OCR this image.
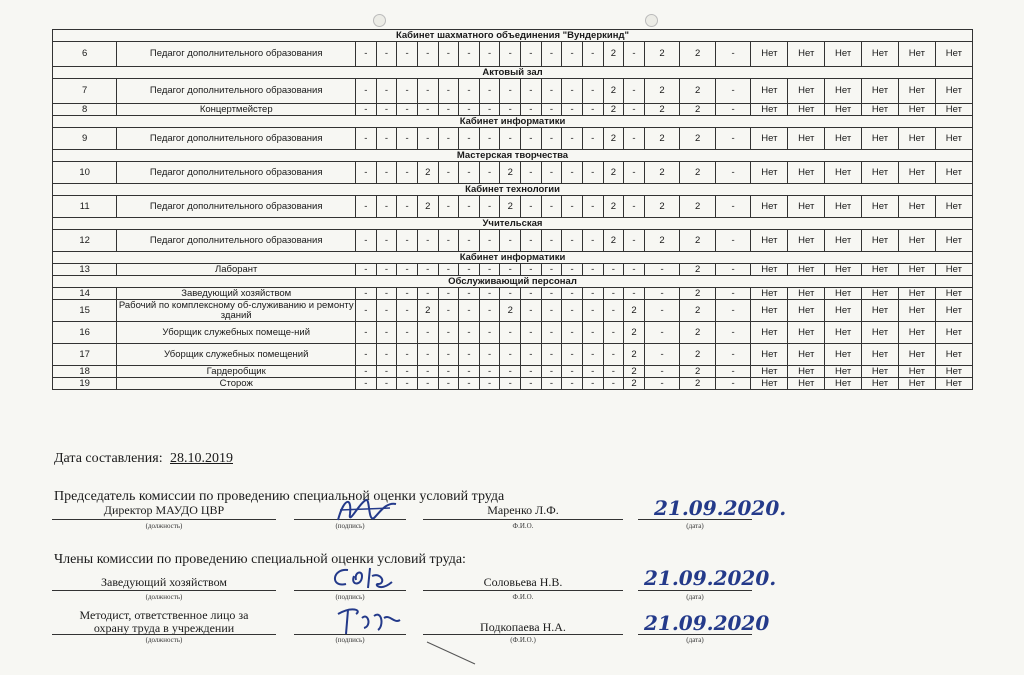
Кабинет шахматного объединения "Вундеркинд"																								
6	Педагог дополнительного образования	-	-	-	-	-	-	-	-	-	-	-	-	2	-	2	2	-	Нет	Нет	Нет	Нет	Нет	Нет
Актовый зал																								
7	Педагог дополнительного образования	-	-	-	-	-	-	-	-	-	-	-	-	2	-	2	2	-	Нет	Нет	Нет	Нет	Нет	Нет
8	Концертмейстер	-	-	-	-	-	-	-	-	-	-	-	-	2	-	2	2	-	Нет	Нет	Нет	Нет	Нет	Нет
Кабинет информатики																								
9	Педагог дополнительного образования	-	-	-	-	-	-	-	-	-	-	-	-	2	-	2	2	-	Нет	Нет	Нет	Нет	Нет	Нет
Мастерская творчества																								
10	Педагог дополнительного образования	-	-	-	2	-	-	-	2	-	-	-	-	2	-	2	2	-	Нет	Нет	Нет	Нет	Нет	Нет
Кабинет технологии																								
11	Педагог дополнительного образования	-	-	-	2	-	-	-	2	-	-	-	-	2	-	2	2	-	Нет	Нет	Нет	Нет	Нет	Нет
Учительская																								
12	Педагог дополнительного образования	-	-	-	-	-	-	-	-	-	-	-	-	2	-	2	2	-	Нет	Нет	Нет	Нет	Нет	Нет
Кабинет информатики																								
13	Лаборант	-	-	-	-	-	-	-	-	-	-	-	-	-	-	-	2	-	Нет	Нет	Нет	Нет	Нет	Нет
Обслуживающий персонал																								
14	Заведующий хозяйством	-	-	-	-	-	-	-	-	-	-	-	-	-	-	-	2	-	Нет	Нет	Нет	Нет	Нет	Нет
15	Рабочий по комплексному об-служиванию и ремонту зданий	-	-	-	2	-	-	-	2	-	-	-	-	-	2	-	2	-	Нет	Нет	Нет	Нет	Нет	Нет
16	Уборщик служебных помеще-ний	-	-	-	-	-	-	-	-	-	-	-	-	-	2	-	2	-	Нет	Нет	Нет	Нет	Нет	Нет
17	Уборщик служебных помещений	-	-	-	-	-	-	-	-	-	-	-	-	-	2	-	2	-	Нет	Нет	Нет	Нет	Нет	Нет
18	Гардеробщик	-	-	-	-	-	-	-	-	-	-	-	-	-	2	-	2	-	Нет	Нет	Нет	Нет	Нет	Нет
19	Сторож	-	-	-	-	-	-	-	-	-	-	-	-	-	2	-	2	-	Нет	Нет	Нет	Нет	Нет	Нет
Дата составления: 28.10.2019
Председатель комиссии по проведению специальной оценки условий труда
Директор МАУДО ЦВР
(должность)	(подпись)
Маренко Л.Ф.
Ф.И.О.	(дата)
21.09.2020.
Члены комиссии по проведению специальной оценки условий труда:
Заведующий хозяйством
(должность)	(подпись)
Соловьева Н.В.
Ф.И.О.	(дата)
21.09.2020.
Методист, ответственное лицо за
охрану труда в учреждении
(должность)	(подпись)
Подкопаева Н.А.
(Ф.И.О.)	(дата)
21.09.2020
